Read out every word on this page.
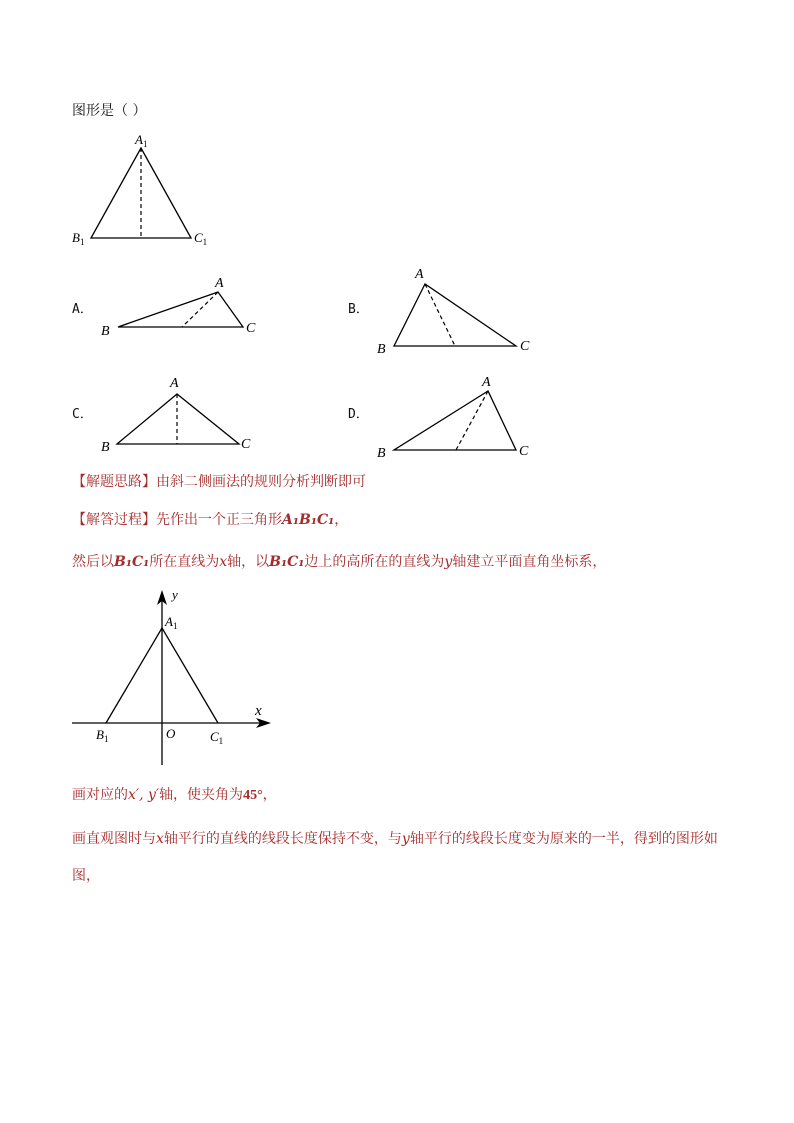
图形是（ ）
$A_1$
$B_1$	$C_1$
A．
A
B	C
B．
A
B	C
C．
A
B	C
D．
A
B	C
【解题思路】由斜二侧画法的规则分析判断即可
【解答过程】先作出一个正三角形A₁B₁C₁，
然后以B₁C₁所在直线为x轴，以B₁C₁边上的高所在的直线为y轴建立平面直角坐标系，
y
x
$A_1$
$B_1$	O	$C_1$
画对应的x′, y′轴，使夹角为45°，
画直观图时与x轴平行的直线的线段长度保持不变，与y轴平行的线段长度变为原来的一半，得到的图形如
图，
